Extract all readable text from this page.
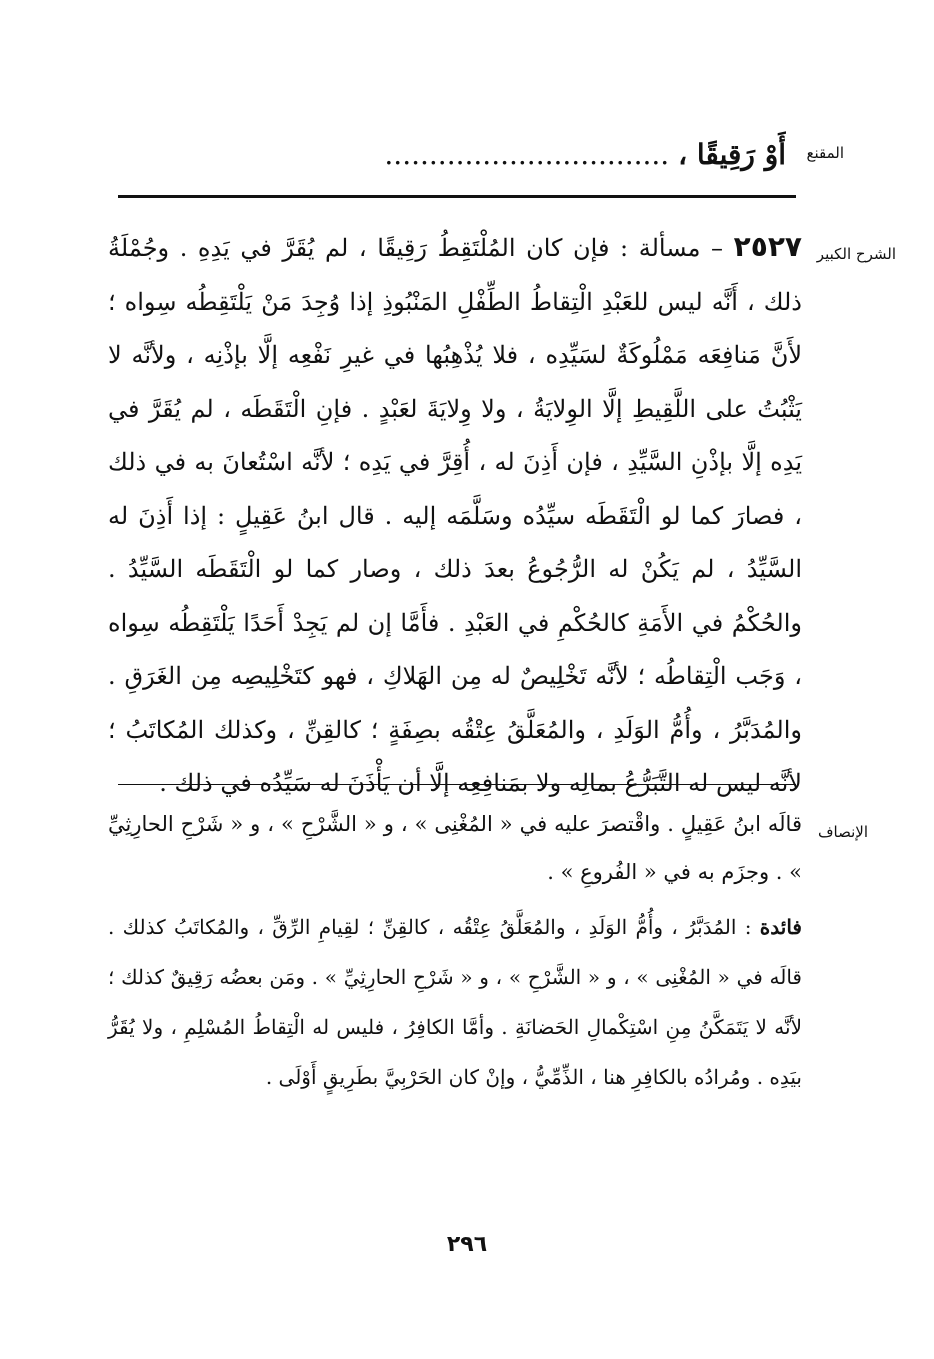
المقنع
أَوْ رَقِيقًا ، ................................
الشرح الكبير
٢٥٢٧ – مسألة : فإن كان المُلْتَقِطُ رَقِيقًا ، لم يُقَرَّ في يَدِهِ . وجُمْلَةُ ذلك ، أَنَّه ليس للعَبْدِ الْتِقاطُ الطِّفْلِ المَنْبُوذِ إذا وُجِدَ مَنْ يَلْتَقِطُه سِواه ؛ لأَنَّ مَنافِعَه مَمْلُوكَةٌ لسَيِّدِه ، فلا يُذْهِبُها في غيرِ نَفْعِه إلَّا بإذْنِه ، ولأنَّه لا يَثْبُتُ على اللَّقِيطِ إلَّا الوِلايَةُ ، ولا وِلايَةَ لعَبْدٍ . فإنِ الْتَقَطَه ، لم يُقَرَّ في يَدِه إلَّا بإذْنِ السَّيِّدِ ، فإن أَذِنَ له ، أُقِرَّ في يَدِه ؛ لأنَّه اسْتُعانَ به في ذلك ، فصارَ كما لو الْتَقَطَه سيِّدُه وسَلَّمَه إليه . قال ابنُ عَقِيلٍ : إذا أَذِنَ له السَّيِّدُ ، لم يَكُنْ له الرُّجُوعُ بعدَ ذلك ، وصار كما لو الْتَقَطَه السَّيِّدُ . والحُكْمُ في الأَمَةِ كالحُكْمِ في العَبْدِ . فأَمَّا إن لم يَجِدْ أَحَدًا يَلْتَقِطُه سِواه ، وَجَب الْتِقاطُه ؛ لأنَّه تَخْلِيصٌ له مِن الهَلاكِ ، فهو كتَخْلِيصِه مِن الغَرَقِ . والمُدَبَّرُ ، وأُمُّ الوَلَدِ ، والمُعَلَّقُ عِتْقُه بصِفَةٍ ؛ كالقِنِّ ، وكذلك المُكاتَبُ ؛ لأنَّه ليس له التَّبَرُّعُ بمالِه ولا بمَنافِعِه إلَّا أن يَأْذَنَ له سَيِّدُه في ذلك .
الإنصاف
قالَه ابنُ عَقِيلٍ . واقْتصرَ عليه في « المُغْنِى » ، و « الشَّرْحِ » ، و « شَرْحِ الحارِثِيِّ » . وجزَم به في « الفُروعِ » .
فائدة : المُدَبَّرُ ، وأُمُّ الوَلَدِ ، والمُعَلَّقُ عِتْقُه ، كالقِنِّ ؛ لقِيامِ الرِّقِّ ، والمُكاتَبُ كذلك . قالَه في « المُغْنِى » ، و « الشَّرْحِ » ، و « شَرْحِ الحارِثِيِّ » . ومَن بعضُه رَقِيقٌ كذلك ؛ لأنَّه لا يَتَمَكَّنُ مِنِ اسْتِكْمالِ الحَضانَةِ . وأمَّا الكافِرُ ، فليس له الْتِقاطُ المُسْلِمِ ، ولا يُقَرُّ بيَدِه . ومُرادُه بالكافِرِ هنا ، الذِّمِّيُّ ، وإنْ كان الحَرْبِيَّ بطَرِيقٍ أَوْلَى .
٢٩٦
